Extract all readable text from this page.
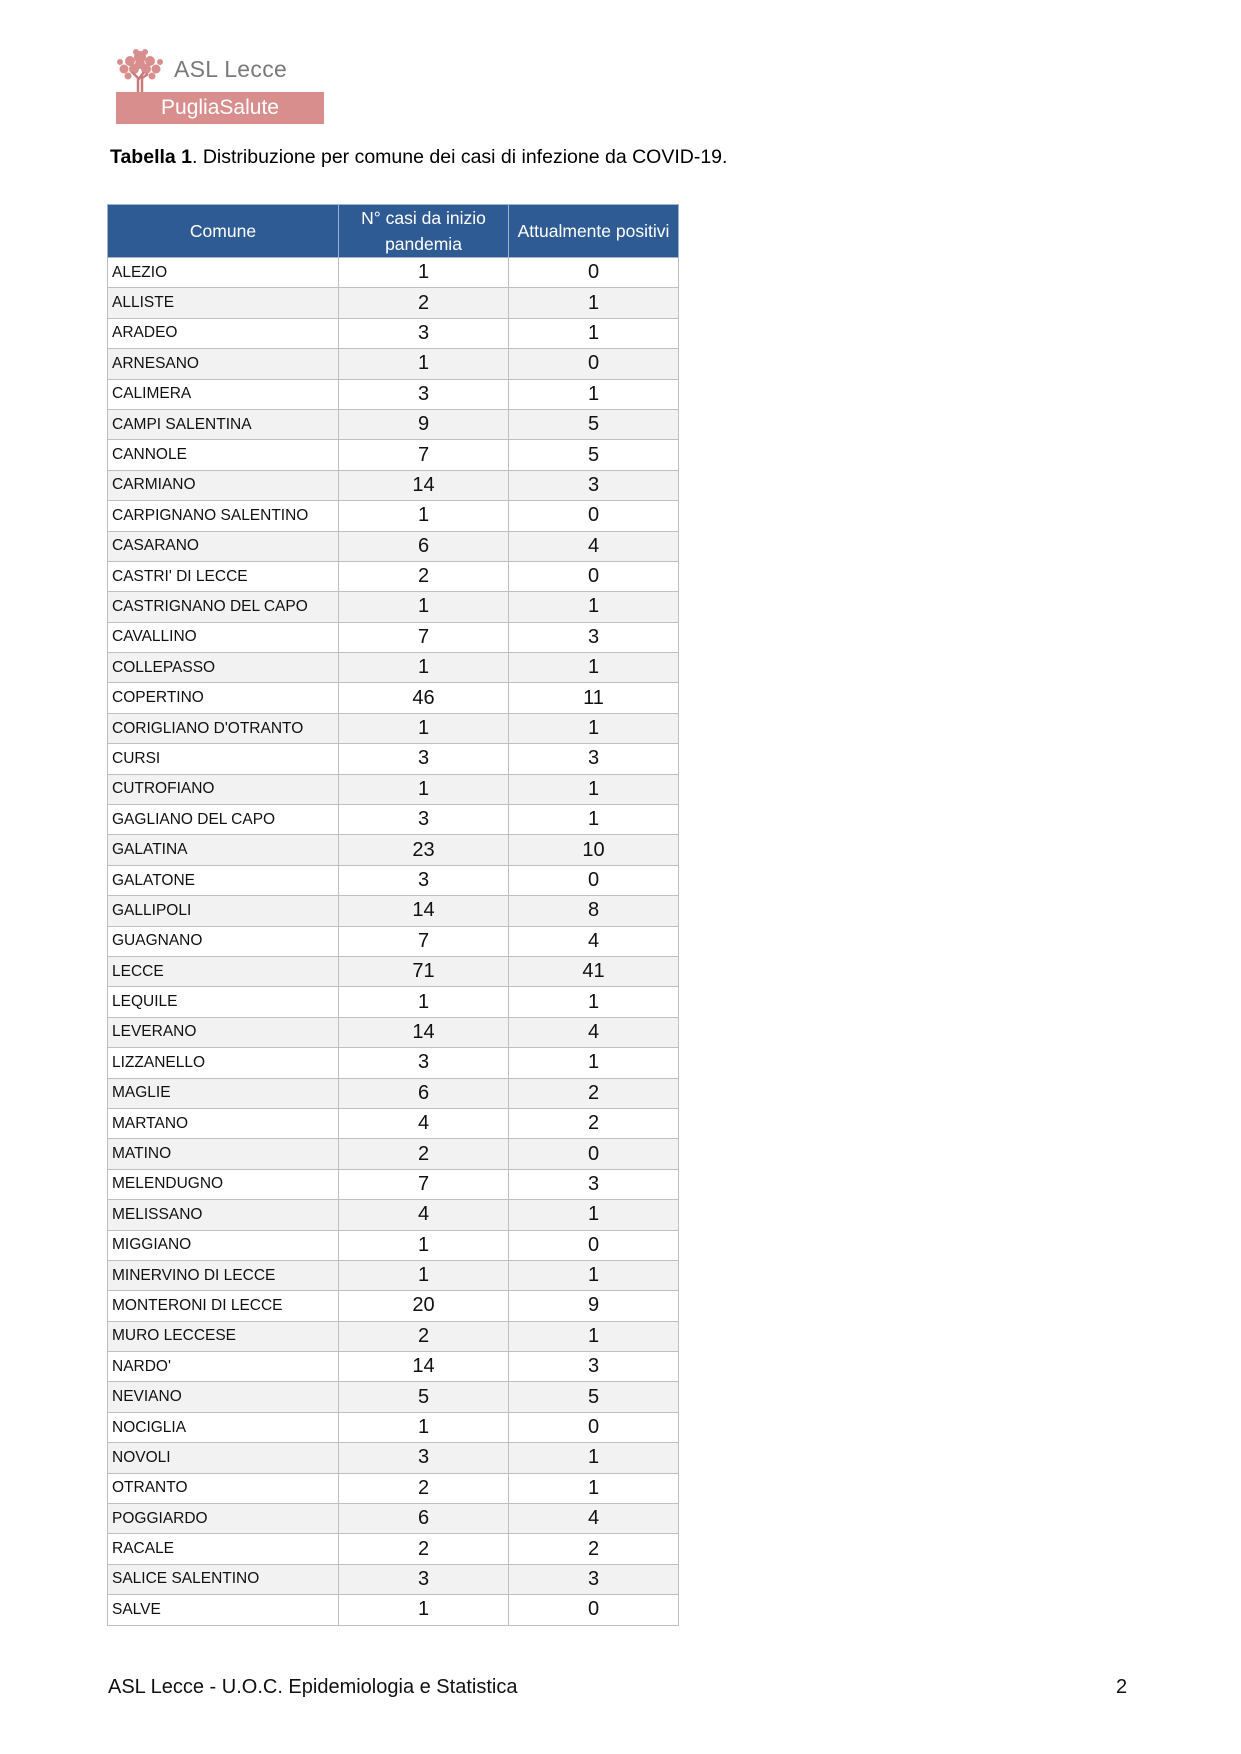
ASL Lecce
PugliaSalute
Tabella 1. Distribuzione per comune dei casi di infezione da COVID-19.
Comune	N° casi da inizio pandemia	Attualmente positivi
ALEZIO	1	0
ALLISTE	2	1
ARADEO	3	1
ARNESANO	1	0
CALIMERA	3	1
CAMPI SALENTINA	9	5
CANNOLE	7	5
CARMIANO	14	3
CARPIGNANO SALENTINO	1	0
CASARANO	6	4
CASTRI' DI LECCE	2	0
CASTRIGNANO DEL CAPO	1	1
CAVALLINO	7	3
COLLEPASSO	1	1
COPERTINO	46	11
CORIGLIANO D'OTRANTO	1	1
CURSI	3	3
CUTROFIANO	1	1
GAGLIANO DEL CAPO	3	1
GALATINA	23	10
GALATONE	3	0
GALLIPOLI	14	8
GUAGNANO	7	4
LECCE	71	41
LEQUILE	1	1
LEVERANO	14	4
LIZZANELLO	3	1
MAGLIE	6	2
MARTANO	4	2
MATINO	2	0
MELENDUGNO	7	3
MELISSANO	4	1
MIGGIANO	1	0
MINERVINO DI LECCE	1	1
MONTERONI DI LECCE	20	9
MURO LECCESE	2	1
NARDO'	14	3
NEVIANO	5	5
NOCIGLIA	1	0
NOVOLI	3	1
OTRANTO	2	1
POGGIARDO	6	4
RACALE	2	2
SALICE SALENTINO	3	3
SALVE	1	0
ASL Lecce - U.O.C. Epidemiologia e Statistica	2
